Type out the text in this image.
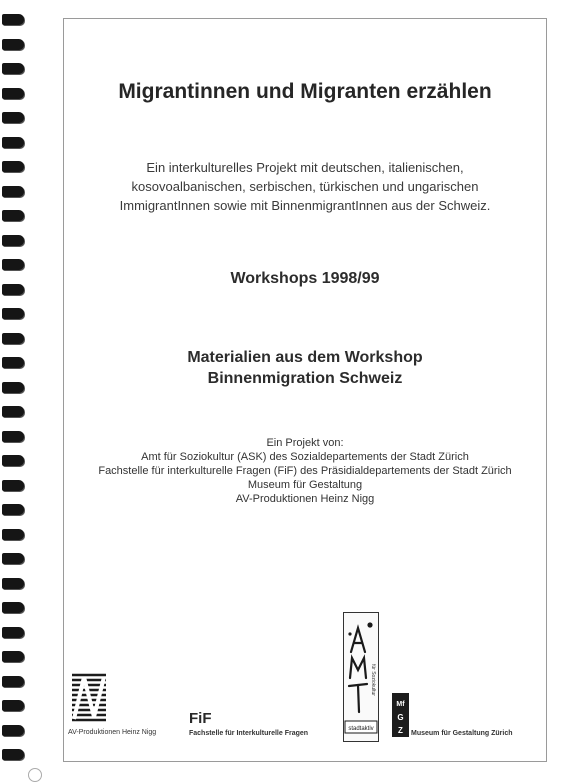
Migrantinnen und Migranten erzählen
Ein interkulturelles Projekt mit deutschen, italienischen,
kosovoalbanischen, serbischen, türkischen und ungarischen
ImmigrantInnen sowie mit BinnenmigrantInnen aus der Schweiz.
Workshops 1998/99
Materialien aus dem Workshop
Binnenmigration Schweiz
Ein Projekt von:
Amt für Soziokultur (ASK) des Sozialdepartements der Stadt Zürich
Fachstelle für interkulturelle Fragen (FiF) des Präsidialdepartements der Stadt Zürich
Museum für Gestaltung
AV-Produktionen Heinz Nigg
AV-Produktionen Heinz Nigg
FiF
Fachstelle für Interkulturelle Fragen
für Soziokultur
stadtaktiv
Mf
G
Z Museum für Gestaltung Zürich
